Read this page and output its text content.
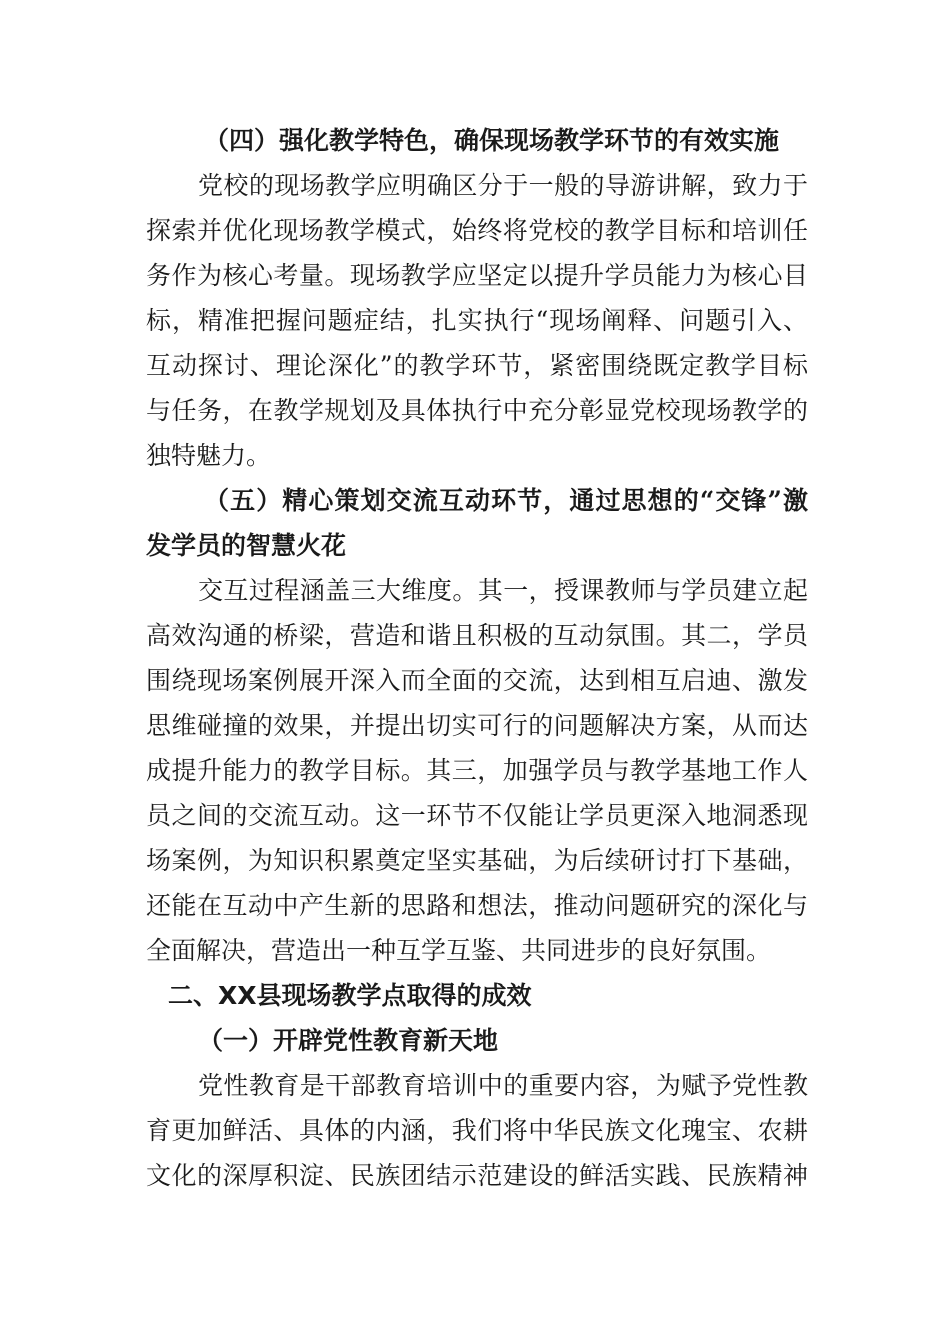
（四）强化教学特色，确保现场教学环节的有效实施
党校的现场教学应明确区分于一般的导游讲解，致力于
探索并优化现场教学模式，始终将党校的教学目标和培训任
务作为核心考量。现场教学应坚定以提升学员能力为核心目
标，精准把握问题症结，扎实执行“现场阐释、问题引入、
互动探讨、理论深化”的教学环节，紧密围绕既定教学目标
与任务，在教学规划及具体执行中充分彰显党校现场教学的
独特魅力。
（五）精心策划交流互动环节，通过思想的“交锋”激
发学员的智慧火花
交互过程涵盖三大维度。其一，授课教师与学员建立起
高效沟通的桥梁，营造和谐且积极的互动氛围。其二，学员
围绕现场案例展开深入而全面的交流，达到相互启迪、激发
思维碰撞的效果，并提出切实可行的问题解决方案，从而达
成提升能力的教学目标。其三，加强学员与教学基地工作人
员之间的交流互动。这一环节不仅能让学员更深入地洞悉现
场案例，为知识积累奠定坚实基础，为后续研讨打下基础，
还能在互动中产生新的思路和想法，推动问题研究的深化与
全面解决，营造出一种互学互鉴、共同进步的良好氛围。
二、XX县现场教学点取得的成效
（一）开辟党性教育新天地
党性教育是干部教育培训中的重要内容，为赋予党性教
育更加鲜活、具体的内涵，我们将中华民族文化瑰宝、农耕
文化的深厚积淀、民族团结示范建设的鲜活实践、民族精神
